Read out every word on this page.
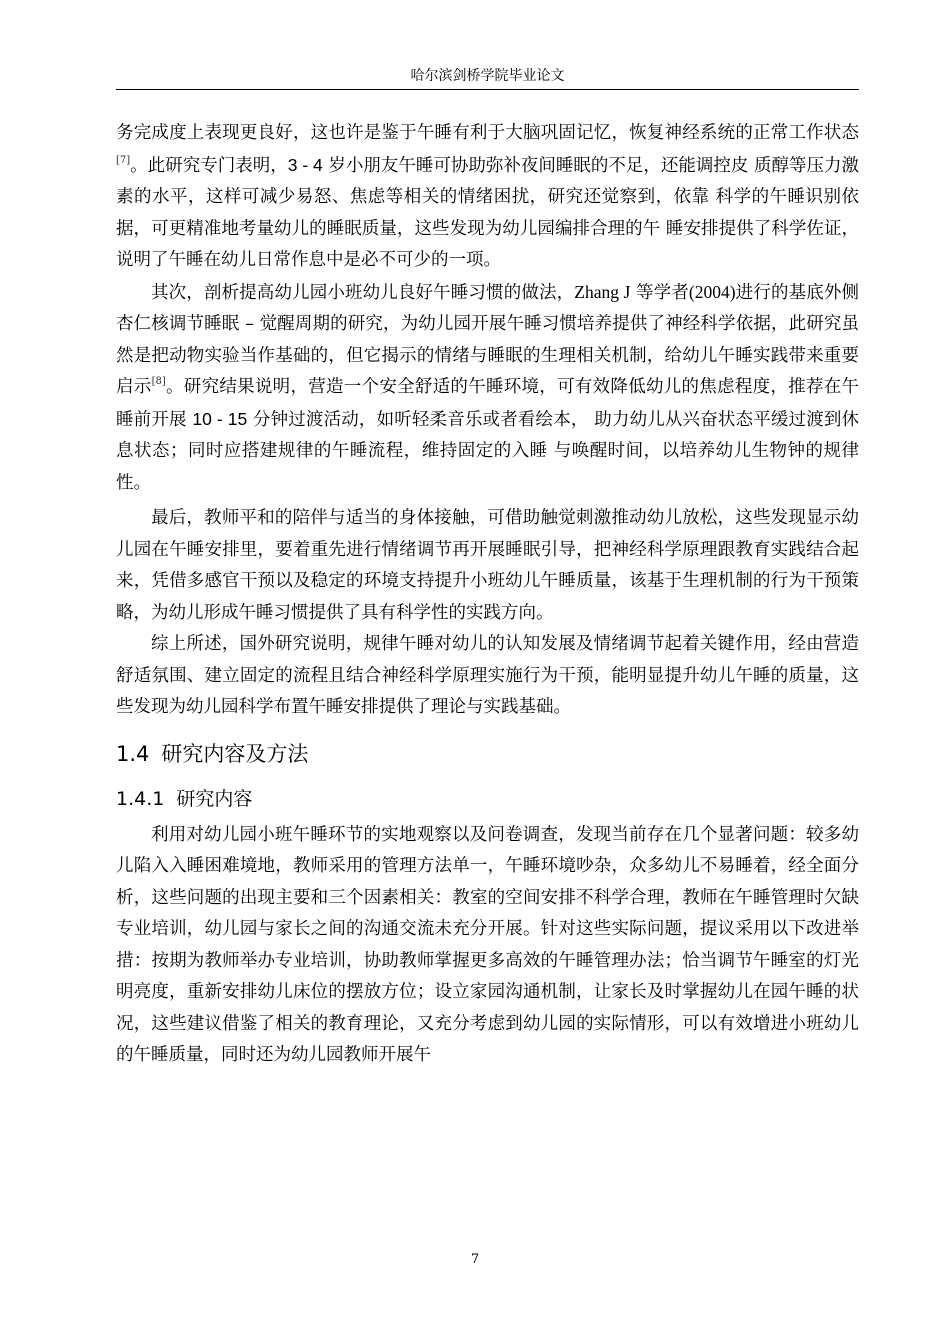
哈尔滨剑桥学院毕业论文

务完成度上表现更良好，这也许是鉴于午睡有利于大脑巩固记忆，恢复神经系统的正常工作状态[7]。此研究专门表明，3 - 4 岁小朋友午睡可协助弥补夜间睡眠的不足，还能调控皮 质醇等压力激素的水平，这样可减少易怒、焦虑等相关的情绪困扰，研究还觉察到，依靠 科学的午睡识别依据，可更精准地考量幼儿的睡眠质量，这些发现为幼儿园编排合理的午 睡安排提供了科学佐证，说明了午睡在幼儿日常作息中是必不可少的一项。

其次，剖析提高幼儿园小班幼儿良好午睡习惯的做法，Zhang J 等学者(2004)进行的基底外侧杏仁核调节睡眠 – 觉醒周期的研究，为幼儿园开展午睡习惯培养提供了神经科学依据，此研究虽然是把动物实验当作基础的，但它揭示的情绪与睡眠的生理相关机制，给幼儿午睡实践带来重要启示[8]。研究结果说明，营造一个安全舒适的午睡环境，可有效降低幼儿的焦虑程度，推荐在午睡前开展 10 - 15 分钟过渡活动，如听轻柔音乐或者看绘本， 助力幼儿从兴奋状态平缓过渡到休息状态；同时应搭建规律的午睡流程，维持固定的入睡 与唤醒时间，以培养幼儿生物钟的规律性。

最后，教师平和的陪伴与适当的身体接触，可借助触觉刺激推动幼儿放松，这些发现显示幼儿园在午睡安排里，要着重先进行情绪调节再开展睡眠引导，把神经科学原理跟教育实践结合起来，凭借多感官干预以及稳定的环境支持提升小班幼儿午睡质量，该基于生理机制的行为干预策略，为幼儿形成午睡习惯提供了具有科学性的实践方向。

综上所述，国外研究说明，规律午睡对幼儿的认知发展及情绪调节起着关键作用，经由营造舒适氛围、建立固定的流程且结合神经科学原理实施行为干预，能明显提升幼儿午睡的质量，这些发现为幼儿园科学布置午睡安排提供了理论与实践基础。

1.4 研究内容及方法
1.4.1 研究内容

利用对幼儿园小班午睡环节的实地观察以及问卷调查，发现当前存在几个显著问题：较多幼儿陷入入睡困难境地，教师采用的管理方法单一，午睡环境吵杂，众多幼儿不易睡着，经全面分析，这些问题的出现主要和三个因素相关：教室的空间安排不科学合理，教师在午睡管理时欠缺专业培训，幼儿园与家长之间的沟通交流未充分开展。针对这些实际问题，提议采用以下改进举措：按期为教师举办专业培训，协助教师掌握更多高效的午睡管理办法；恰当调节午睡室的灯光明亮度，重新安排幼儿床位的摆放方位；设立家园沟通机制，让家长及时掌握幼儿在园午睡的状况，这些建议借鉴了相关的教育理论，又充分考虑到幼儿园的实际情形，可以有效增进小班幼儿的午睡质量，同时还为幼儿园教师开展午

7
